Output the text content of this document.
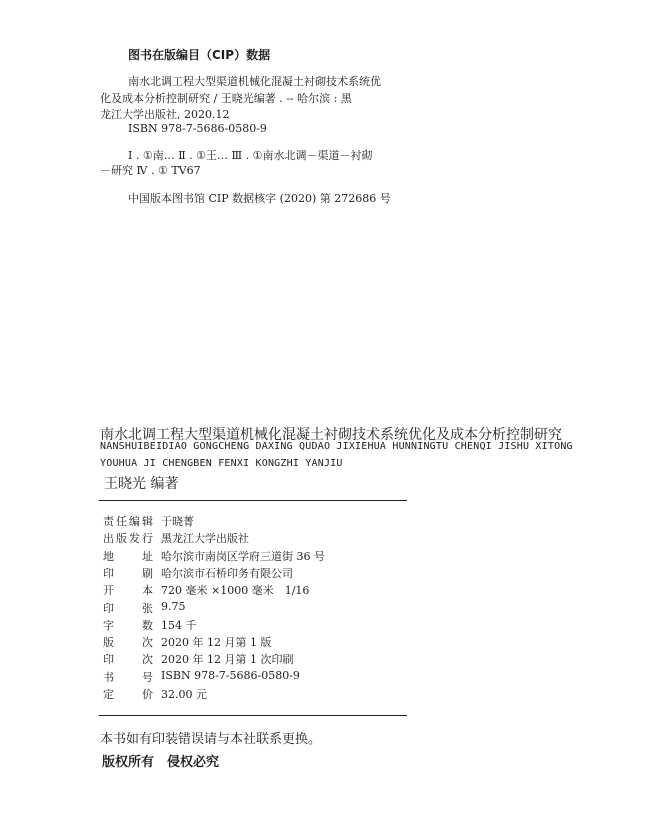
图书在版编目（CIP）数据
南水北调工程大型渠道机械化混凝土衬砌技术系统优
化及成本分析控制研究 / 王晓光编著 . -- 哈尔滨 : 黑
龙江大学出版社, 2020.12
ISBN 978-7-5686-0580-9
Ⅰ . ①南… Ⅱ . ①王… Ⅲ . ①南水北调－渠道－衬砌
－研究 Ⅳ . ① TV67
中国版本图书馆 CIP 数据核字 (2020) 第 272686 号
南水北调工程大型渠道机械化混凝土衬砌技术系统优化及成本分析控制研究
NANSHUIBEIDIAO GONGCHENG DAXING QUDAO JIXIEHUA HUNNINGTU CHENQI JISHU XITONG
YOUHUA JI CHENGBEN FENXI KONGZHI YANJIU
王晓光 编著
责 任 编 辑 于晓菁
出 版 发 行 黑龙江大学出版社
地	址 哈尔滨市南岗区学府三道街 36 号
印	刷 哈尔滨市石桥印务有限公司
开	本 720 毫米 ×1000 毫米　1/16
印	张 9.75
字	数 154 千
版	次 2020 年 12 月第 1 版
印	次 2020 年 12 月第 1 次印刷
书	号 ISBN 978-7-5686-0580-9
定	价 32.00 元
本书如有印装错误请与本社联系更换。
版权所有　侵权必究
